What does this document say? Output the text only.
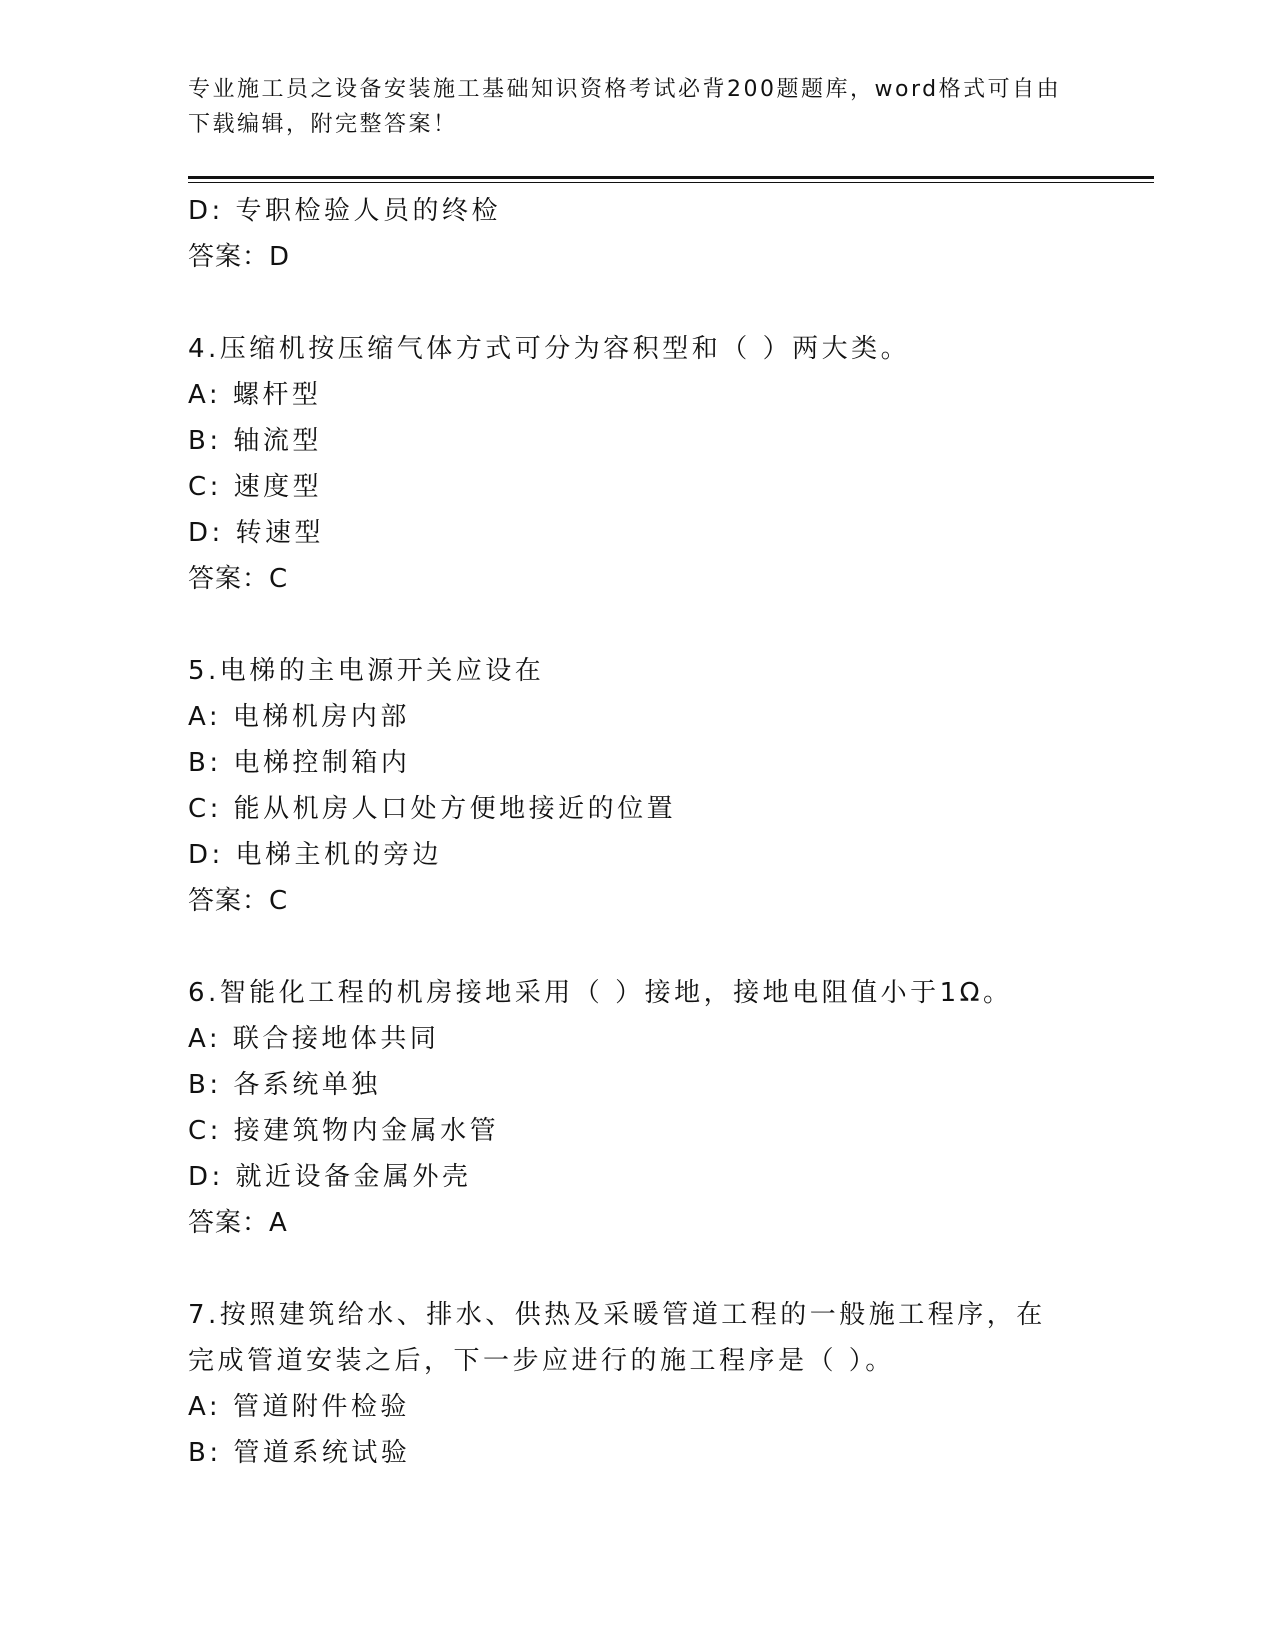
专业施工员之设备安装施工基础知识资格考试必背200题题库，word格式可自由下载编辑，附完整答案！

D: 专职检验人员的终检

答案：D

4.压缩机按压缩气体方式可分为容积型和（ ）两大类。

A: 螺杆型

B: 轴流型

C: 速度型

D: 转速型

答案：C

5.电梯的主电源开关应设在

A: 电梯机房内部

B: 电梯控制箱内

C: 能从机房人口处方便地接近的位置

D: 电梯主机的旁边

答案：C

6.智能化工程的机房接地采用（ ）接地，接地电阻值小于1Ω。

A: 联合接地体共同

B: 各系统单独

C: 接建筑物内金属水管

D: 就近设备金属外壳

答案：A

7.按照建筑给水、排水、供热及采暖管道工程的一般施工程序，在完成管道安装之后，下一步应进行的施工程序是（ ）。

A: 管道附件检验

B: 管道系统试验
